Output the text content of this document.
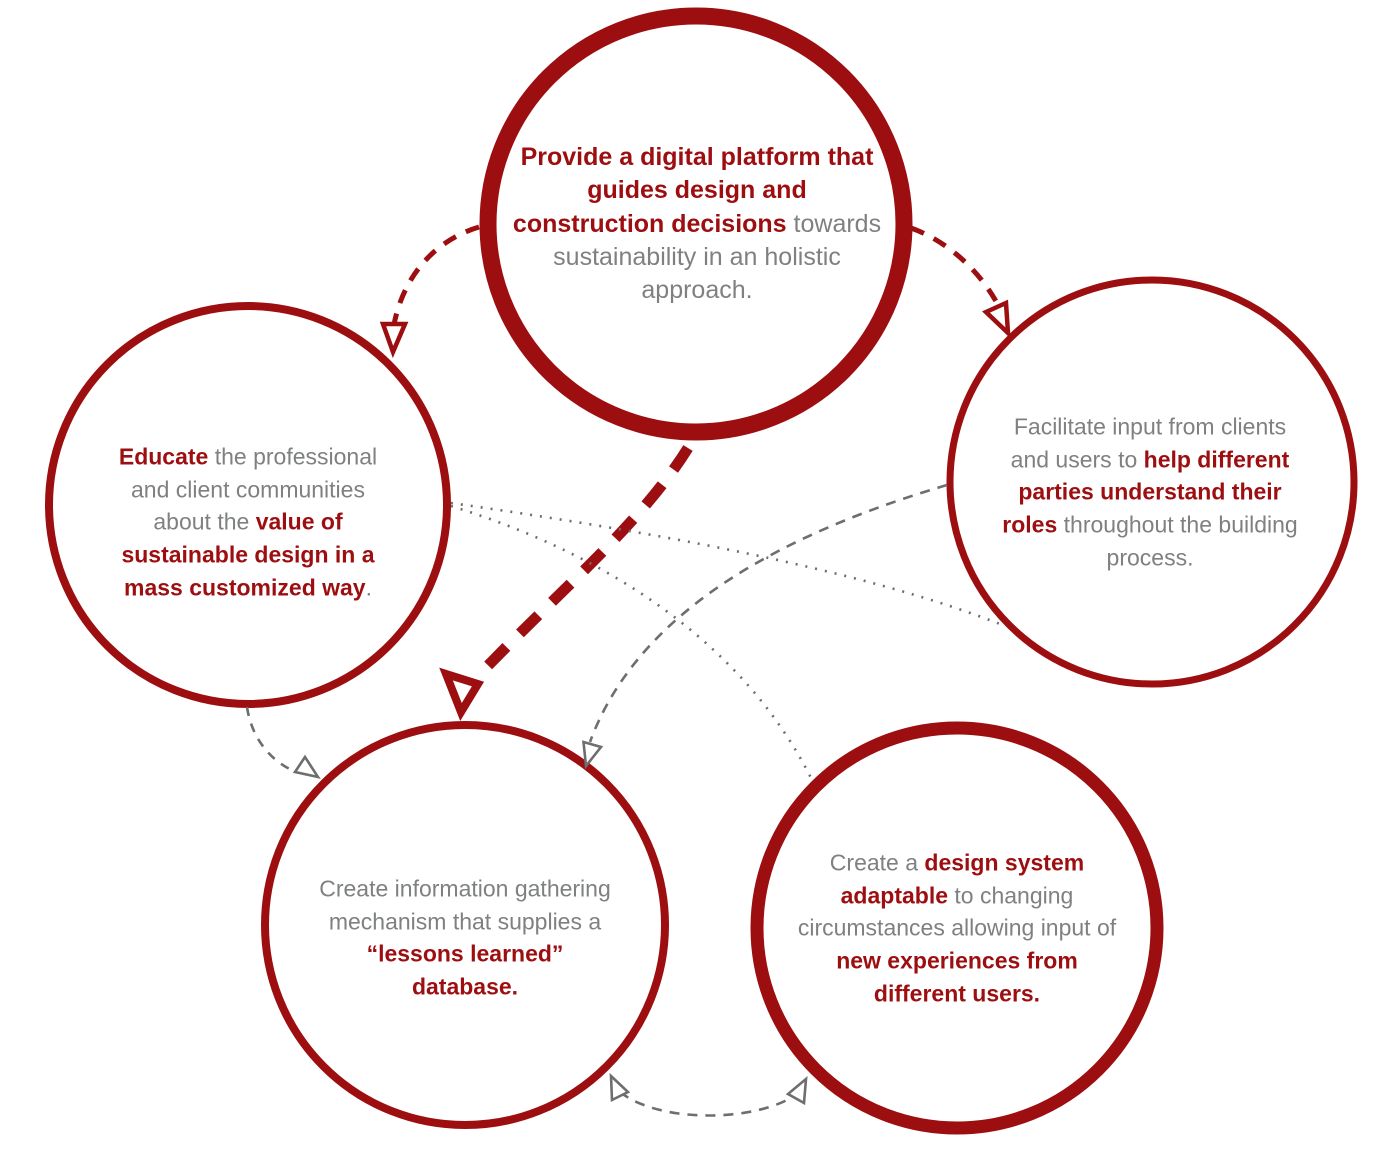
Provide a digital platform that guides design and construction decisions towards sustainability in an holistic approach.
Educate the professional and client communities about the value of sustainable design in a mass customized way.
Facilitate input from clients and users to help different parties understand their roles throughout the building process.
Create information gathering mechanism that supplies a “lessons learned” database.
Create a design system adaptable to changing circumstances allowing input of new experiences from different users.
